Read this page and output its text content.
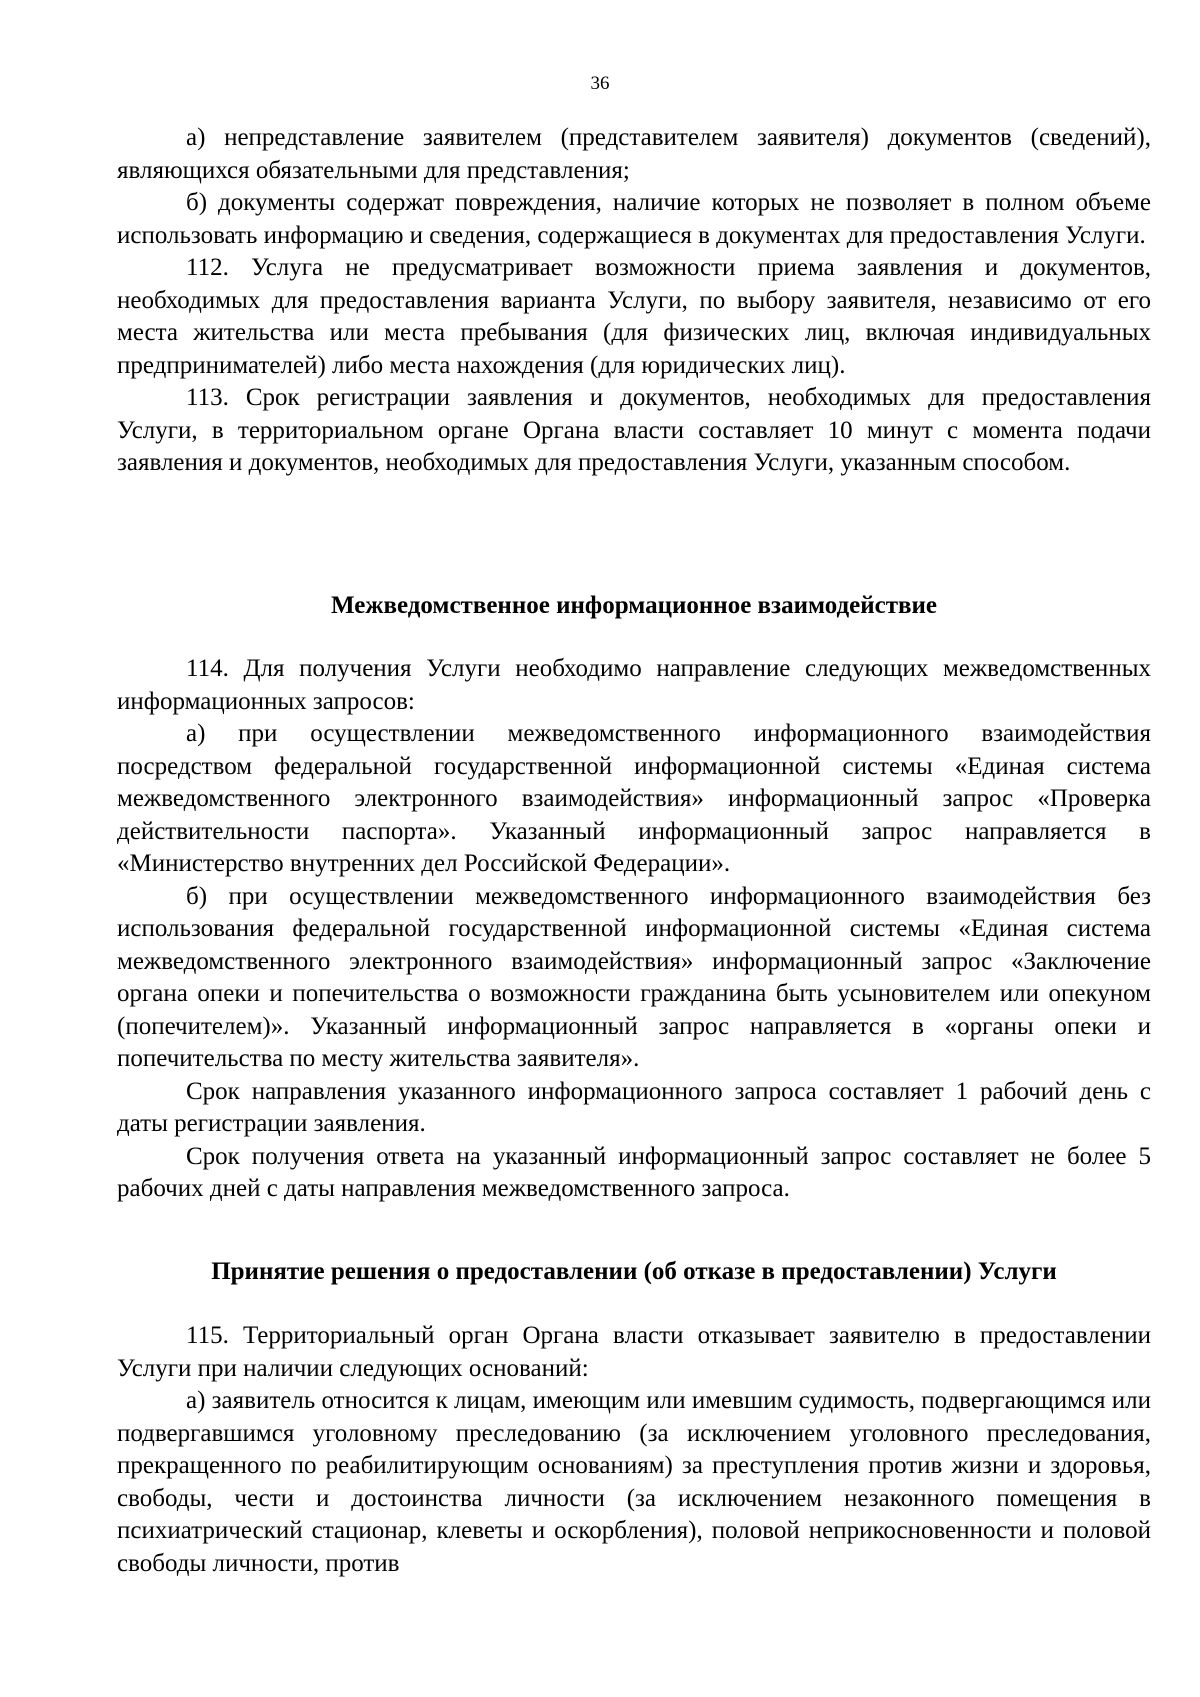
36

а) непредставление заявителем (представителем заявителя) документов (сведений), являющихся обязательными для представления;

б) документы содержат повреждения, наличие которых не позволяет в полном объеме использовать информацию и сведения, содержащиеся в документах для предоставления Услуги.

112. Услуга не предусматривает возможности приема заявления и документов, необходимых для предоставления варианта Услуги, по выбору заявителя, независимо от его места жительства или места пребывания (для физических лиц, включая индивидуальных предпринимателей) либо места нахождения (для юридических лиц).

113. Срок регистрации заявления и документов, необходимых для предоставления Услуги, в территориальном органе Органа власти составляет 10 минут с момента подачи заявления и документов, необходимых для предоставления Услуги, указанным способом.

Межведомственное информационное взаимодействие

114. Для получения Услуги необходимо направление следующих межведомственных информационных запросов:

а) при осуществлении межведомственного информационного взаимодействия посредством федеральной государственной информационной системы «Единая система межведомственного электронного взаимодействия» информационный запрос «Проверка действительности паспорта». Указанный информационный запрос направляется в «Министерство внутренних дел Российской Федерации».

б) при осуществлении межведомственного информационного взаимодействия без использования федеральной государственной информационной системы «Единая система межведомственного электронного взаимодействия» информационный запрос «Заключение органа опеки и попечительства о возможности гражданина быть усыновителем или опекуном (попечителем)». Указанный информационный запрос направляется в «органы опеки и попечительства по месту жительства заявителя».

Срок направления указанного информационного запроса составляет 1 рабочий день с даты регистрации заявления.

Срок получения ответа на указанный информационный запрос составляет не более 5 рабочих дней с даты направления межведомственного запроса.

Принятие решения о предоставлении (об отказе в предоставлении) Услуги

115. Территориальный орган Органа власти отказывает заявителю в предоставлении Услуги при наличии следующих оснований:

а) заявитель относится к лицам, имеющим или имевшим судимость, подвергающимся или подвергавшимся уголовному преследованию (за исключением уголовного преследования, прекращенного по реабилитирующим основаниям) за преступления против жизни и здоровья, свободы, чести и достоинства личности (за исключением незаконного помещения в психиатрический стационар, клеветы и оскорбления), половой неприкосновенности и половой свободы личности, против
